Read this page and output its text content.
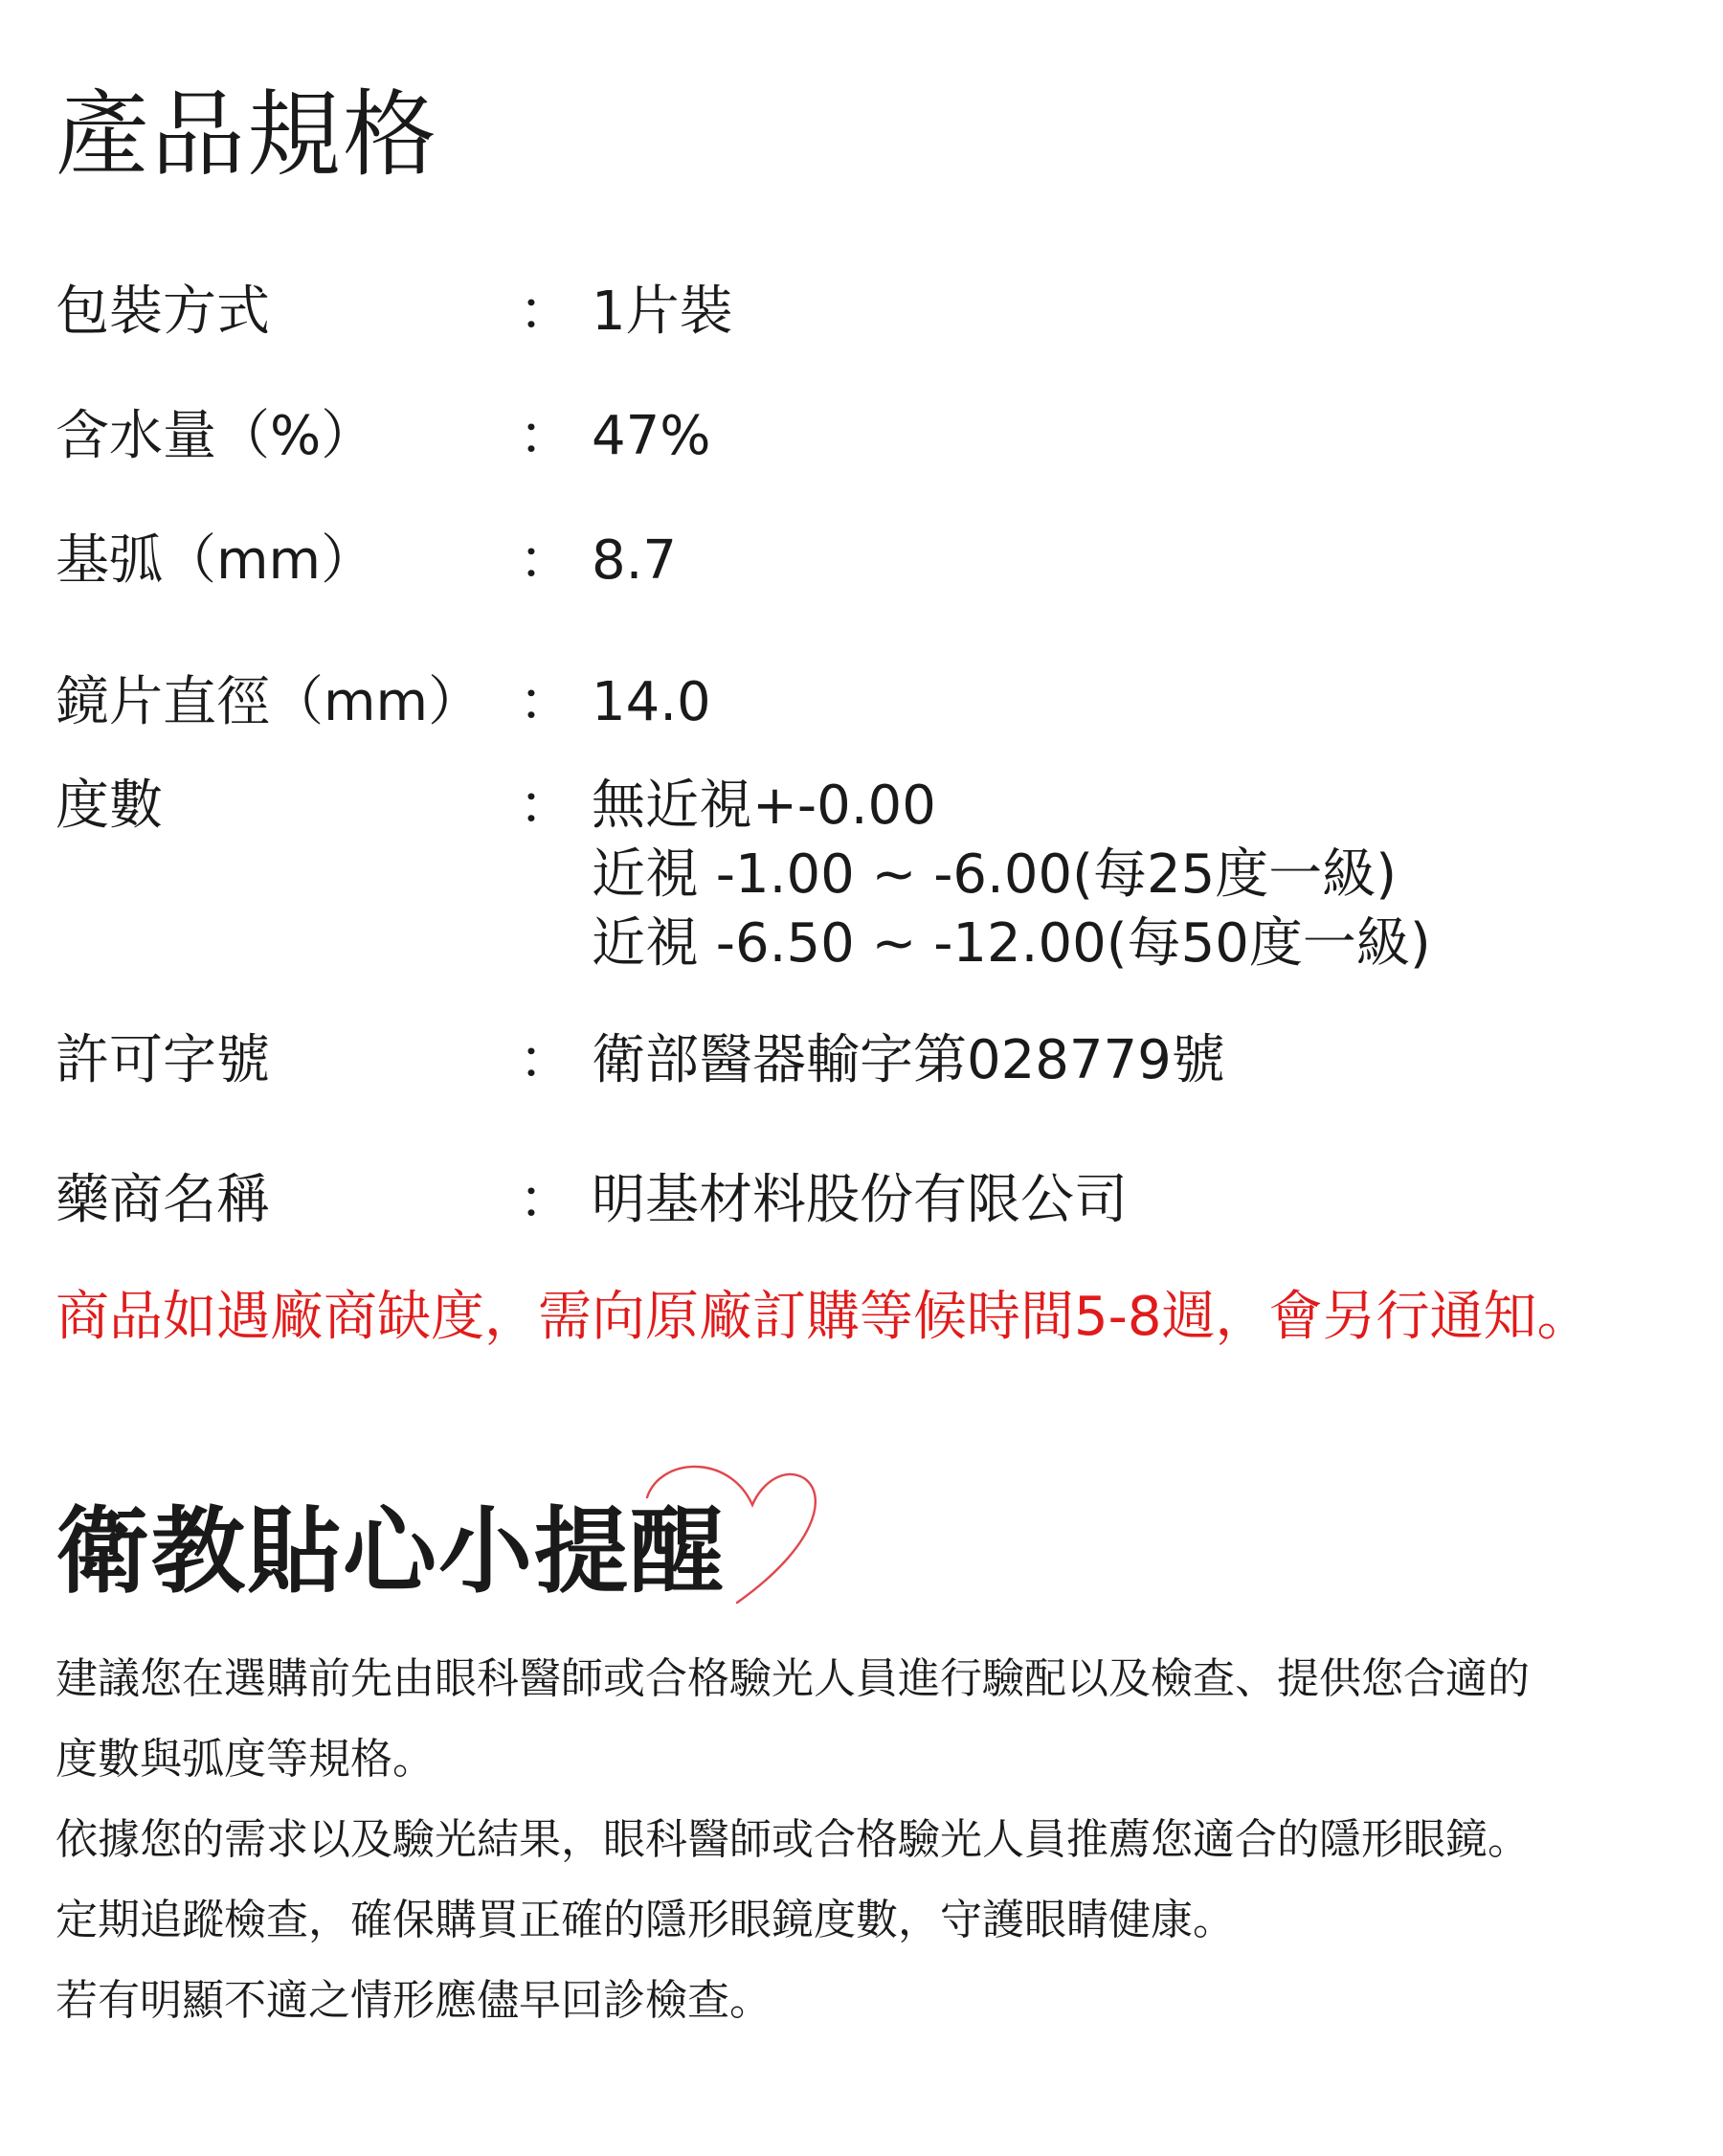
產品規格
包裝方式	： 1片裝
含水量（%）	： 47%
基弧（mm）	： 8.7
鏡片直徑（mm） ： 14.0
度數	： 無近視+-0.00
近視 -1.00 ~ -6.00(每25度一級)
近視 -6.50 ~ -12.00(每50度一級)
許可字號	： 衛部醫器輸字第028779號
藥商名稱	： 明基材料股份有限公司
商品如遇廠商缺度，需向原廠訂購等候時間5-8週，會另行通知。
衛教貼心小提醒
建議您在選購前先由眼科醫師或合格驗光人員進行驗配以及檢查、提供您合適的
度數與弧度等規格。
依據您的需求以及驗光結果，眼科醫師或合格驗光人員推薦您適合的隱形眼鏡。
定期追蹤檢查，確保購買正確的隱形眼鏡度數，守護眼睛健康。
若有明顯不適之情形應儘早回診檢查。
